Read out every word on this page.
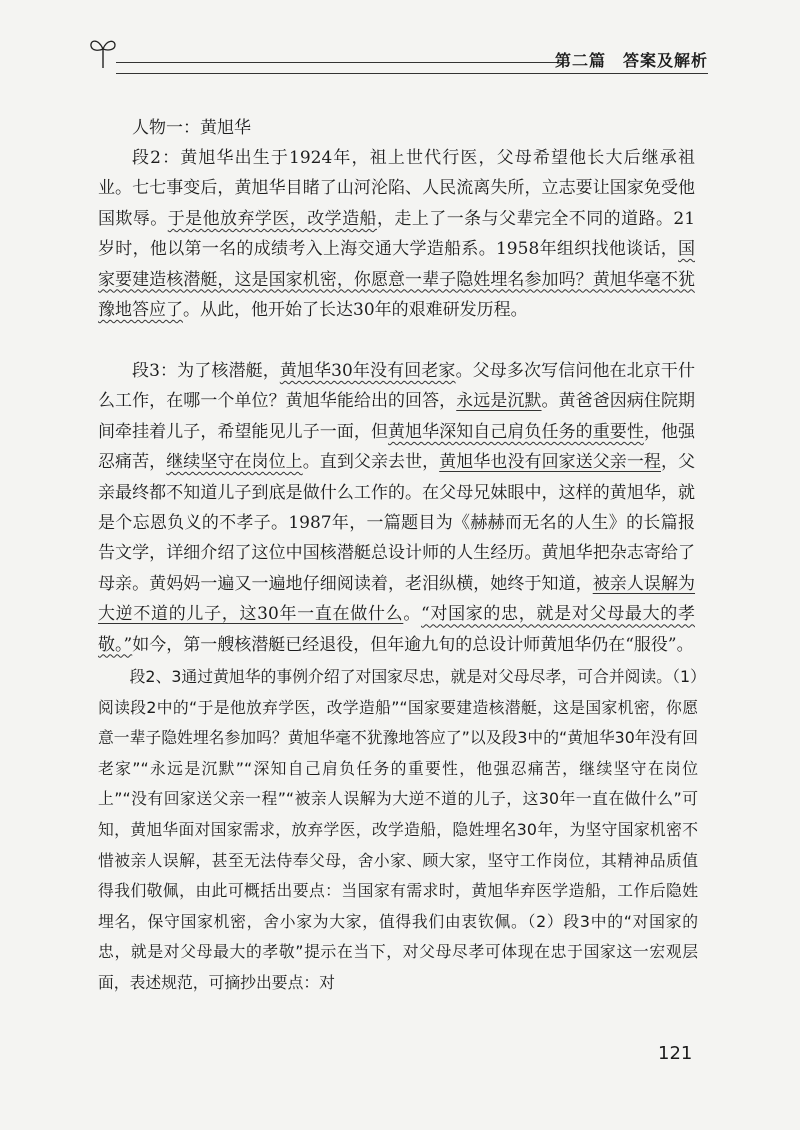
第二篇　答案及解析

人物一：黄旭华

段2：黄旭华出生于1924年，祖上世代行医，父母希望他长大后继承祖业。七七事变后，黄旭华目睹了山河沦陷、人民流离失所，立志要让国家免受他国欺辱。于是他放弃学医，改学造船，走上了一条与父辈完全不同的道路。21岁时，他以第一名的成绩考入上海交通大学造船系。1958年组织找他谈话，国家要建造核潜艇，这是国家机密，你愿意一辈子隐姓埋名参加吗？黄旭华毫不犹豫地答应了。从此，他开始了长达30年的艰难研发历程。

段3：为了核潜艇，黄旭华30年没有回老家。父母多次写信问他在北京干什么工作，在哪一个单位？黄旭华能给出的回答，永远是沉默。黄爸爸因病住院期间牵挂着儿子，希望能见儿子一面，但黄旭华深知自己肩负任务的重要性，他强忍痛苦，继续坚守在岗位上。直到父亲去世，黄旭华也没有回家送父亲一程，父亲最终都不知道儿子到底是做什么工作的。在父母兄妹眼中，这样的黄旭华，就是个忘恩负义的不孝子。1987年，一篇题目为《赫赫而无名的人生》的长篇报告文学，详细介绍了这位中国核潜艇总设计师的人生经历。黄旭华把杂志寄给了母亲。黄妈妈一遍又一遍地仔细阅读着，老泪纵横，她终于知道，被亲人误解为大逆不道的儿子，这30年一直在做什么。“对国家的忠，就是对父母最大的孝敬。”如今，第一艘核潜艇已经退役，但年逾九旬的总设计师黄旭华仍在“服役”。

段2、3通过黄旭华的事例介绍了对国家尽忠，就是对父母尽孝，可合并阅读。（1）阅读段2中的“于是他放弃学医，改学造船”“国家要建造核潜艇，这是国家机密，你愿意一辈子隐姓埋名参加吗？黄旭华毫不犹豫地答应了”以及段3中的“黄旭华30年没有回老家”“永远是沉默”“深知自己肩负任务的重要性，他强忍痛苦，继续坚守在岗位上”“没有回家送父亲一程”“被亲人误解为大逆不道的儿子，这30年一直在做什么”可知，黄旭华面对国家需求，放弃学医，改学造船，隐姓埋名30年，为坚守国家机密不惜被亲人误解，甚至无法侍奉父母，舍小家、顾大家，坚守工作岗位，其精神品质值得我们敬佩，由此可概括出要点：当国家有需求时，黄旭华弃医学造船，工作后隐姓埋名，保守国家机密，舍小家为大家，值得我们由衷钦佩。（2）段3中的“对国家的忠，就是对父母最大的孝敬”提示在当下，对父母尽孝可体现在忠于国家这一宏观层面，表述规范，可摘抄出要点：对

121
